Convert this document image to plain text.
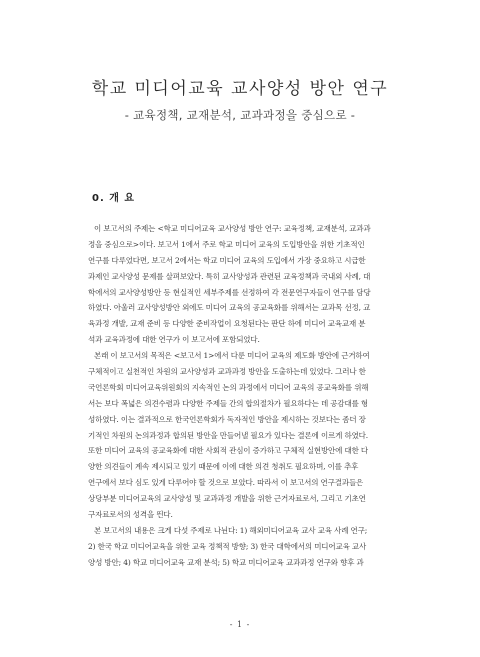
학교 미디어교육 교사양성 방안 연구
- 교육정책, 교재분석, 교과과정을 중심으로 -
0. 개 요
이 보고서의 주제는 <학교 미디어교육 교사양성 방안 연구: 교육정책, 교재분석, 교과과
정을 중심으로>이다. 보고서 1에서 주로 학교 미디어 교육의 도입방안을 위한 기초적인
연구를 다루었다면, 보고서 2에서는 학교 미디어 교육의 도입에서 가장 중요하고 시급한
과제인 교사양성 문제를 살펴보았다. 특히 교사양성과 관련된 교육정책과 국내외 사례, 대
학에서의 교사양성방안 등 현실적인 세부주제를 선정하여 각 전문연구자들이 연구를 담당
하였다. 아울러 교사양성방안 외에도 미디어 교육의 공교육화를 위해서는 교과목 선정, 교
육과정 개발, 교재 준비 등 다양한 준비작업이 요청된다는 판단 하에 미디어 교육교재 분
석과 교육과정에 대한 연구가 이 보고서에 포함되었다.
본래 이 보고서의 목적은 <보고서 1>에서 다룬 미디어 교육의 제도화 방안에 근거하여
구체적이고 실천적인 차원의 교사양성과 교과과정 방안을 도출하는데 있었다. 그러나 한
국언론학회 미디어교육위원회의 지속적인 논의 과정에서 미디어 교육의 공교육화를 위해
서는 보다 폭넓은 의견수렴과 다양한 주제들 간의 합의절차가 필요하다는 데 공감대를 형
성하였다. 이는 결과적으로 한국언론학회가 독자적인 방안을 제시하는 것보다는 좀더 장
기적인 차원의 논의과정과 합의된 방안을 만들어낼 필요가 있다는 결론에 이르게 하였다.
또한 미디어 교육의 공교육화에 대한 사회적 관심이 증가하고 구체적 실현방안에 대한 다
양한 의견들이 계속 제시되고 있기 때문에 이에 대한 의견 청취도 필요하며, 이를 추후
연구에서 보다 심도 있게 다루어야 할 것으로 보았다. 따라서 이 보고서의 연구결과들은
상당부분 미디어교육의 교사양성 및 교과과정 개발을 위한 근거자료로서, 그리고 기초연
구자료로서의 성격을 띈다.
본 보고서의 내용은 크게 다섯 주제로 나뉜다: 1) 해외미디어교육 교사 교육 사례 연구;
2) 한국 학교 미디어교육을 위한 교육 정책적 방향; 3) 한국 대학에서의 미디어교육 교사
양성 방안; 4) 학교 미디어교육 교재 분석; 5) 학교 미디어교육 교과과정 연구와 향후 과
- 1 -
